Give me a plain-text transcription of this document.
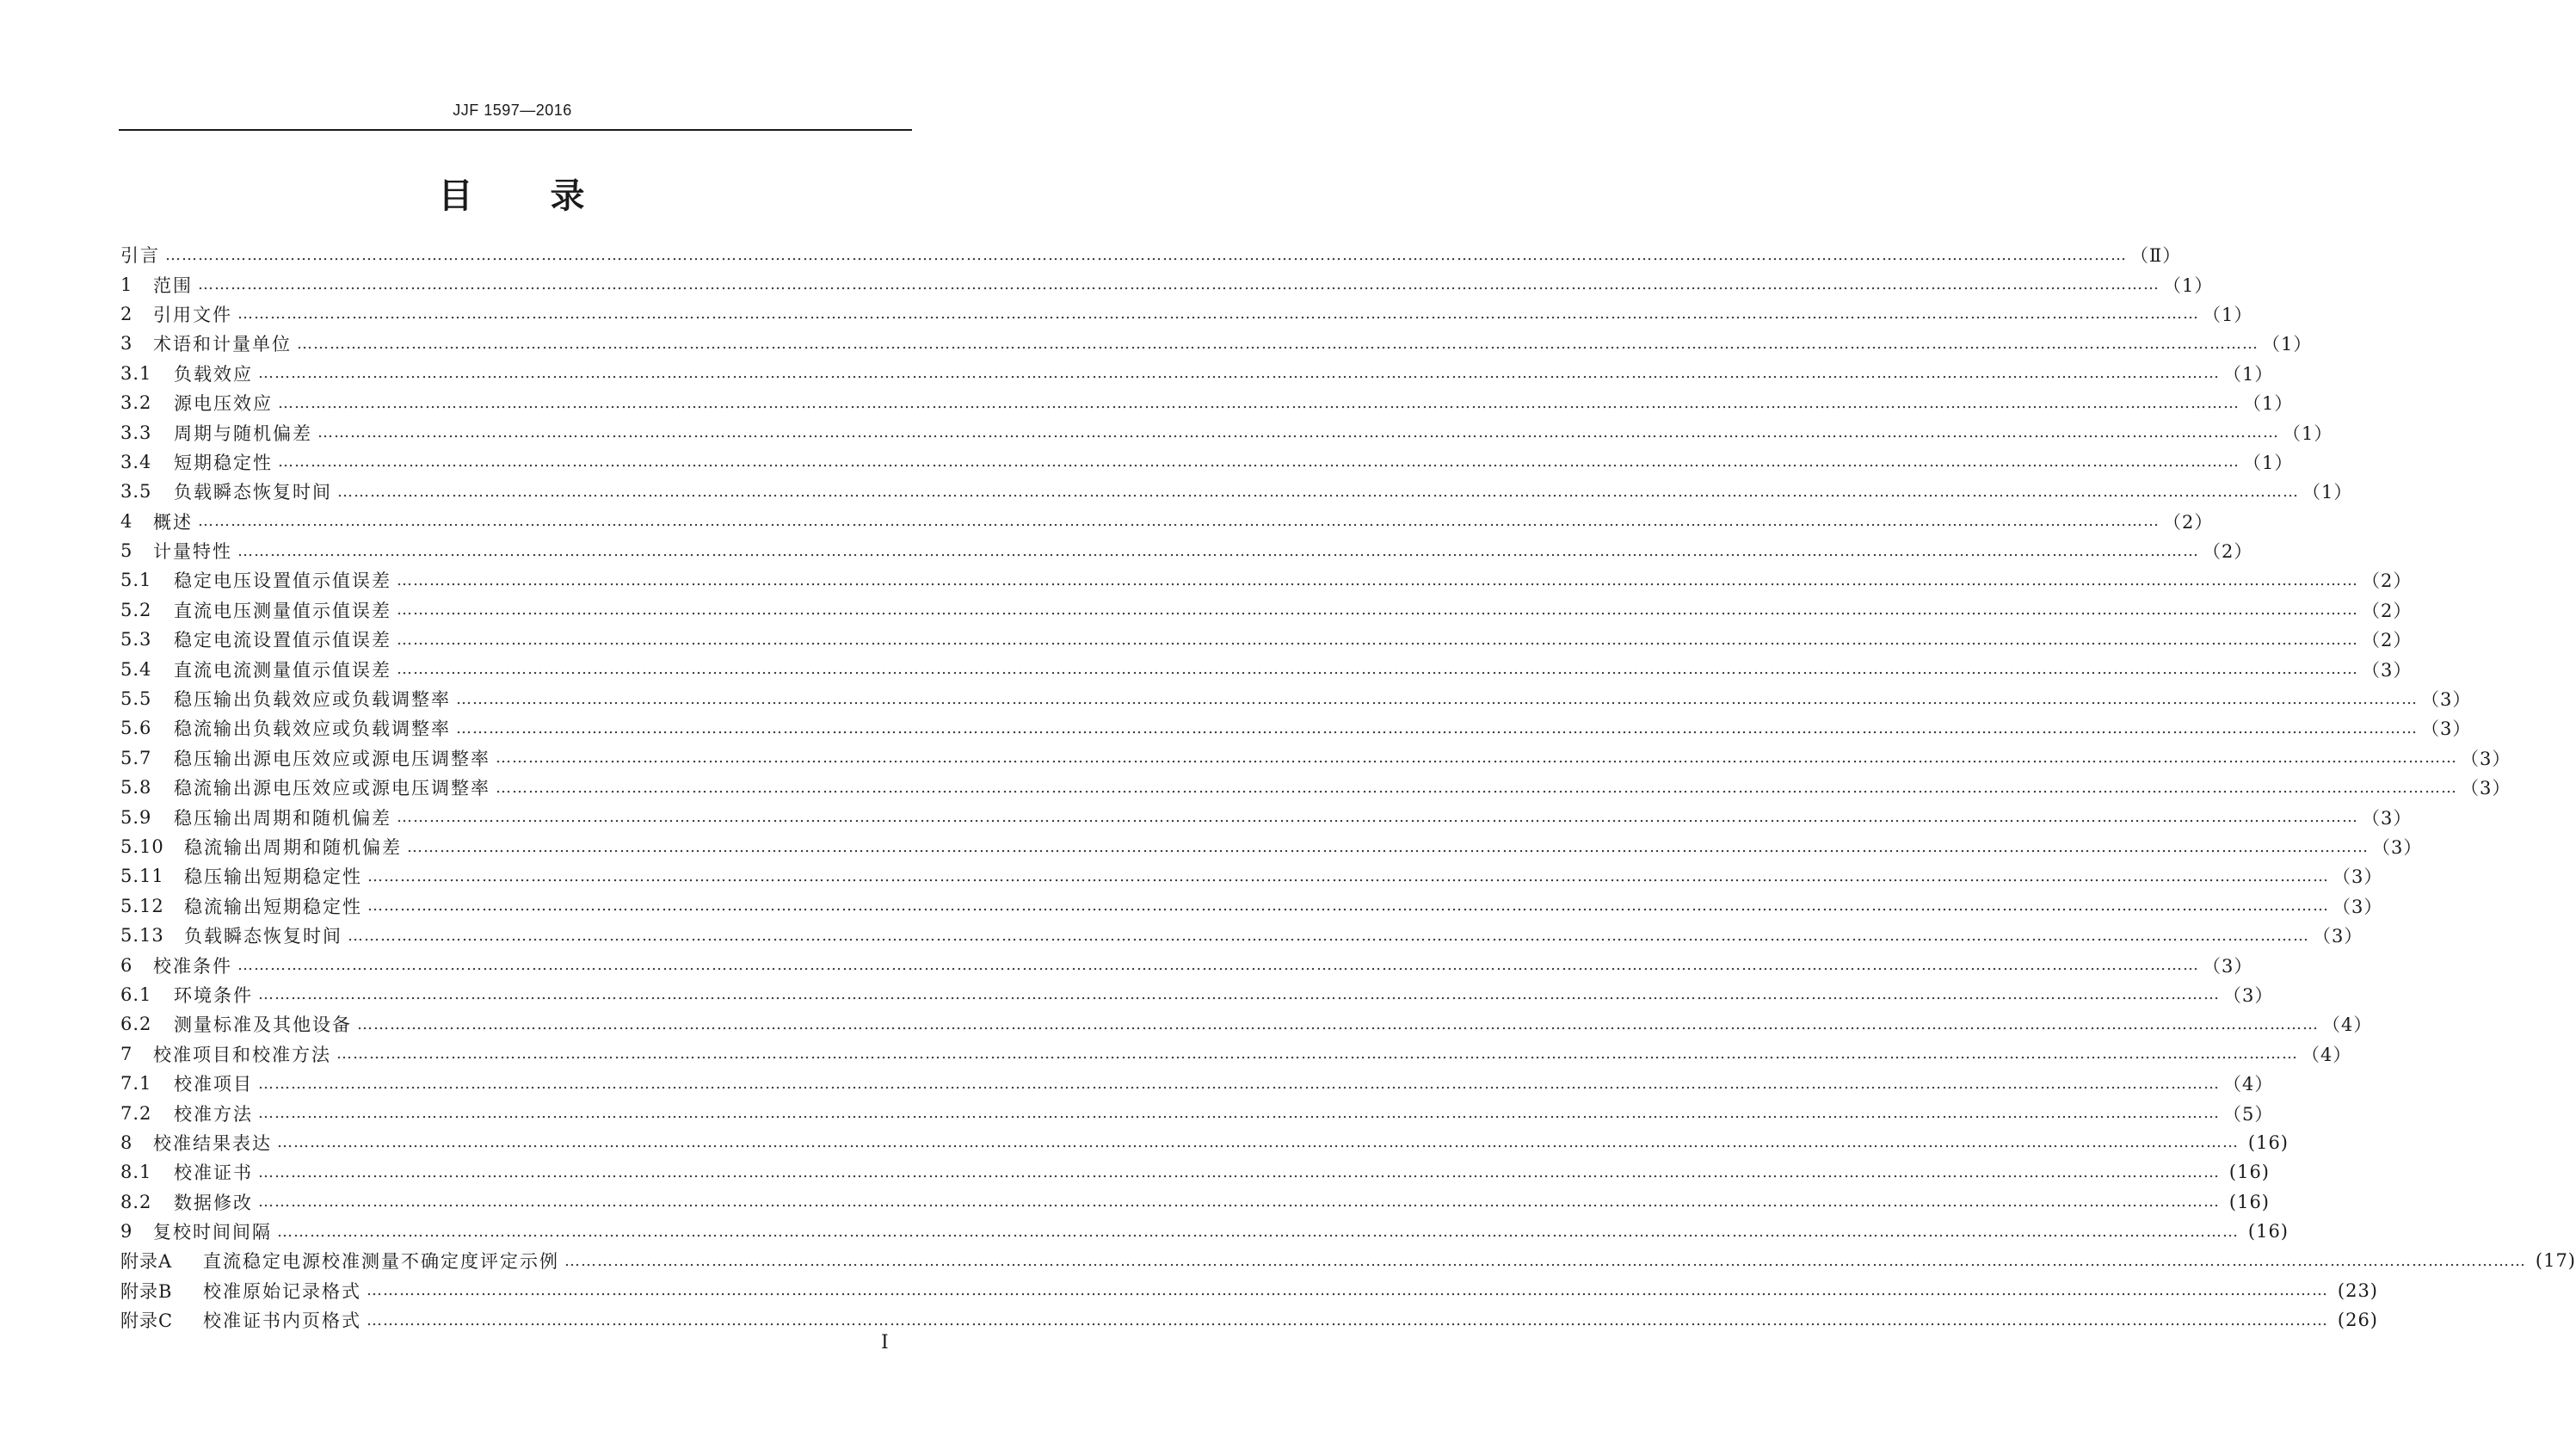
JJF 1597—2016
目 录
引言 ……………………………………………………………………………………………………………………………………………………………………………………………………………………………………………………………………………………………………………………………… （Ⅱ）
1	范围 ……………………………………………………………………………………………………………………………………………………………………………………………………………………………………………………………………………………………………………………………… （1）
2	引用文件 ……………………………………………………………………………………………………………………………………………………………………………………………………………………………………………………………………………………………………………………………… （1）
3	术语和计量单位 ……………………………………………………………………………………………………………………………………………………………………………………………………………………………………………………………………………………………………………………………… （1）
3.1	负载效应 ……………………………………………………………………………………………………………………………………………………………………………………………………………………………………………………………………………………………………………………………… （1）
3.2	源电压效应 ……………………………………………………………………………………………………………………………………………………………………………………………………………………………………………………………………………………………………………………………… （1）
3.3	周期与随机偏差 ……………………………………………………………………………………………………………………………………………………………………………………………………………………………………………………………………………………………………………………………… （1）
3.4	短期稳定性 ……………………………………………………………………………………………………………………………………………………………………………………………………………………………………………………………………………………………………………………………… （1）
3.5	负载瞬态恢复时间 ……………………………………………………………………………………………………………………………………………………………………………………………………………………………………………………………………………………………………………………………… （1）
4	概述 ……………………………………………………………………………………………………………………………………………………………………………………………………………………………………………………………………………………………………………………………… （2）
5	计量特性 ……………………………………………………………………………………………………………………………………………………………………………………………………………………………………………………………………………………………………………………………… （2）
5.1	稳定电压设置值示值误差 ……………………………………………………………………………………………………………………………………………………………………………………………………………………………………………………………………………………………………………………………… （2）
5.2	直流电压测量值示值误差 ……………………………………………………………………………………………………………………………………………………………………………………………………………………………………………………………………………………………………………………………… （2）
5.3	稳定电流设置值示值误差 ……………………………………………………………………………………………………………………………………………………………………………………………………………………………………………………………………………………………………………………………… （2）
5.4	直流电流测量值示值误差 ……………………………………………………………………………………………………………………………………………………………………………………………………………………………………………………………………………………………………………………………… （3）
5.5	稳压输出负载效应或负载调整率 ……………………………………………………………………………………………………………………………………………………………………………………………………………………………………………………………………………………………………………………………… （3）
5.6	稳流输出负载效应或负载调整率 ……………………………………………………………………………………………………………………………………………………………………………………………………………………………………………………………………………………………………………………………… （3）
5.7	稳压输出源电压效应或源电压调整率 ……………………………………………………………………………………………………………………………………………………………………………………………………………………………………………………………………………………………………………………………… （3）
5.8	稳流输出源电压效应或源电压调整率 ……………………………………………………………………………………………………………………………………………………………………………………………………………………………………………………………………………………………………………………………… （3）
5.9	稳压输出周期和随机偏差 ……………………………………………………………………………………………………………………………………………………………………………………………………………………………………………………………………………………………………………………………… （3）
5.10	稳流输出周期和随机偏差 ……………………………………………………………………………………………………………………………………………………………………………………………………………………………………………………………………………………………………………………………… （3）
5.11	稳压输出短期稳定性 ……………………………………………………………………………………………………………………………………………………………………………………………………………………………………………………………………………………………………………………………… （3）
5.12	稳流输出短期稳定性 ……………………………………………………………………………………………………………………………………………………………………………………………………………………………………………………………………………………………………………………………… （3）
5.13	负载瞬态恢复时间 ……………………………………………………………………………………………………………………………………………………………………………………………………………………………………………………………………………………………………………………………… （3）
6	校准条件 ……………………………………………………………………………………………………………………………………………………………………………………………………………………………………………………………………………………………………………………………… （3）
6.1	环境条件 ……………………………………………………………………………………………………………………………………………………………………………………………………………………………………………………………………………………………………………………………… （3）
6.2	测量标准及其他设备 ……………………………………………………………………………………………………………………………………………………………………………………………………………………………………………………………………………………………………………………………… （4）
7	校准项目和校准方法 ……………………………………………………………………………………………………………………………………………………………………………………………………………………………………………………………………………………………………………………………… （4）
7.1	校准项目 ……………………………………………………………………………………………………………………………………………………………………………………………………………………………………………………………………………………………………………………………… （4）
7.2	校准方法 ……………………………………………………………………………………………………………………………………………………………………………………………………………………………………………………………………………………………………………………………… （5）
8	校准结果表达 ……………………………………………………………………………………………………………………………………………………………………………………………………………………………………………………………………………………………………………………………… (16)
8.1	校准证书 ……………………………………………………………………………………………………………………………………………………………………………………………………………………………………………………………………………………………………………………………… (16)
8.2	数据修改 ……………………………………………………………………………………………………………………………………………………………………………………………………………………………………………………………………………………………………………………………… (16)
9	复校时间间隔 ……………………………………………………………………………………………………………………………………………………………………………………………………………………………………………………………………………………………………………………………… (16)
附录A	直流稳定电源校准测量不确定度评定示例 ……………………………………………………………………………………………………………………………………………………………………………………………………………………………………………………………………………………………………………………………… (17)
附录B	校准原始记录格式 ……………………………………………………………………………………………………………………………………………………………………………………………………………………………………………………………………………………………………………………………… (23)
附录C	校准证书内页格式 ……………………………………………………………………………………………………………………………………………………………………………………………………………………………………………………………………………………………………………………………… (26)
I
